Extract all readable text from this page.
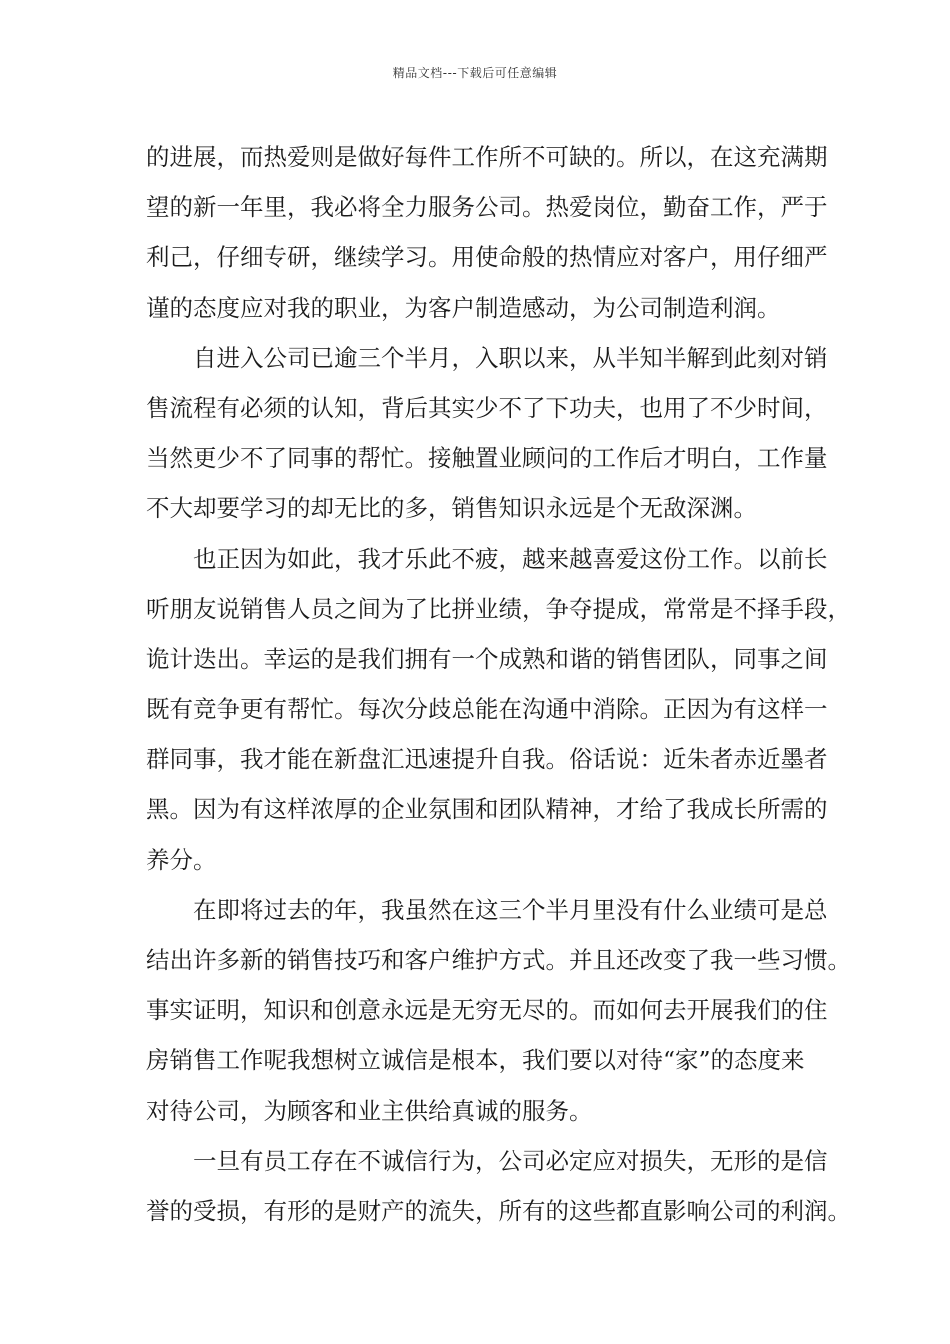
精品文档---下载后可任意编辑
的进展，而热爱则是做好每件工作所不可缺的。所以，在这充满期
望的新一年里，我必将全力服务公司。热爱岗位，勤奋工作，严于
利己，仔细专研，继续学习。用使命般的热情应对客户，用仔细严
谨的态度应对我的职业，为客户制造感动，为公司制造利润。
自进入公司已逾三个半月，入职以来，从半知半解到此刻对销
售流程有必须的认知，背后其实少不了下功夫，也用了不少时间，
当然更少不了同事的帮忙。接触置业顾问的工作后才明白，工作量
不大却要学习的却无比的多，销售知识永远是个无敌深渊。
也正因为如此，我才乐此不疲，越来越喜爱这份工作。以前长
听朋友说销售人员之间为了比拼业绩，争夺提成，常常是不择手段，
诡计迭出。幸运的是我们拥有一个成熟和谐的销售团队，同事之间
既有竞争更有帮忙。每次分歧总能在沟通中消除。正因为有这样一
群同事，我才能在新盘汇迅速提升自我。俗话说：近朱者赤近墨者
黑。因为有这样浓厚的企业氛围和团队精神，才给了我成长所需的
养分。
在即将过去的年，我虽然在这三个半月里没有什么业绩可是总
结出许多新的销售技巧和客户维护方式。并且还改变了我一些习惯。
事实证明，知识和创意永远是无穷无尽的。而如何去开展我们的住
房销售工作呢我想树立诚信是根本，我们要以对待“家”的态度来
对待公司，为顾客和业主供给真诚的服务。
一旦有员工存在不诚信行为，公司必定应对损失，无形的是信
誉的受损，有形的是财产的流失，所有的这些都直影响公司的利润。
